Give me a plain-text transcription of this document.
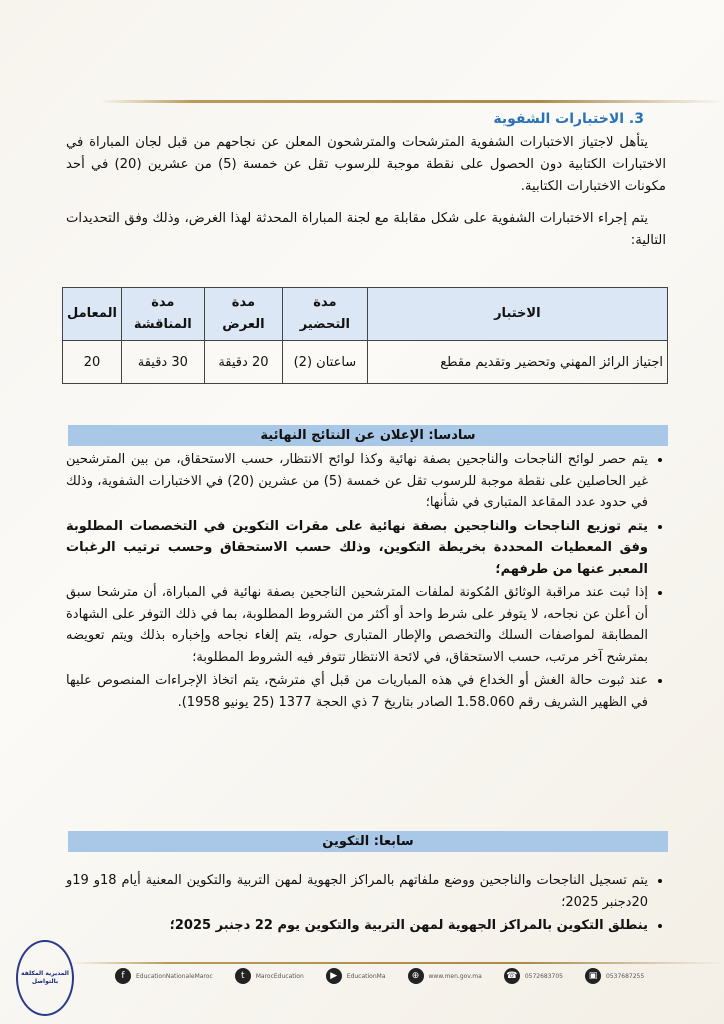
3. الاختبارات الشفوية
يتأهل لاجتياز الاختبارات الشفوية المترشحات والمترشحون المعلن عن نجاحهم من قبل لجان المباراة في الاختبارات الكتابية دون الحصول على نقطة موجبة للرسوب تقل عن خمسة (5) من عشرين (20) في أحد مكونات الاختبارات الكتابية.
يتم إجراء الاختبارات الشفوية على شكل مقابلة مع لجنة المباراة المحدثة لهذا الغرض، وذلك وفق التحديدات التالية:
الاختبار	مدة التحضير	مدة العرض	مدة المناقشة	المعامل
اجتياز الرائز المهني وتحضير وتقديم مقطع	ساعتان (2)	20 دقيقة	30 دقيقة	20
سادسا: الإعلان عن النتائج النهائية
• يتم حصر لوائح الناجحات والناجحين بصفة نهائية وكذا لوائح الانتظار، حسب الاستحقاق، من بين المترشحين غير الحاصلين على نقطة موجبة للرسوب تقل عن خمسة (5) من عشرين (20) في الاختبارات الشفوية، وذلك في حدود عدد المقاعد المتبارى في شأنها؛
• يتم توزيع الناجحات والناجحين بصفة نهائية على مقرات التكوين في التخصصات المطلوبة وفق المعطيات المحددة بخريطة التكوين، وذلك حسب الاستحقاق وحسب ترتيب الرغبات المعبر عنها من طرفهم؛
• إذا ثبت عند مراقبة الوثائق المُكونة لملفات المترشحين الناجحين بصفة نهائية في المباراة، أن مترشحا سبق أن أعلن عن نجاحه، لا يتوفر على شرط واحد أو أكثر من الشروط المطلوبة، بما في ذلك التوفر على الشهادة المطابقة لمواصفات السلك والتخصص والإطار المتبارى حوله، يتم إلغاء نجاحه وإخباره بذلك ويتم تعويضه بمترشح آخر مرتب، حسب الاستحقاق، في لائحة الانتظار تتوفر فيه الشروط المطلوبة؛
• عند ثبوت حالة الغش أو الخداع في هذه المباريات من قبل أي مترشح، يتم اتخاذ الإجراءات المنصوص عليها في الظهير الشريف رقم 1.58.060 الصادر بتاريخ 7 ذي الحجة 1377 (25 يونيو 1958).
سابعا: التكوين
• يتم تسجيل الناجحات والناجحين ووضع ملفاتهم بالمراكز الجهوية لمهن التربية والتكوين المعنية أيام 18و 19و 20دجنبر 2025؛
• ينطلق التكوين بالمراكز الجهوية لمهن التربية والتكوين يوم 22 دجنبر 2025؛
المديرية المكلفة بالتواصل
f	EducationNationaleMaroc	t	MarocEducation	▶	EducationMa	⊕	www.men.gov.ma	☎	0572683705	▣	0537687255
